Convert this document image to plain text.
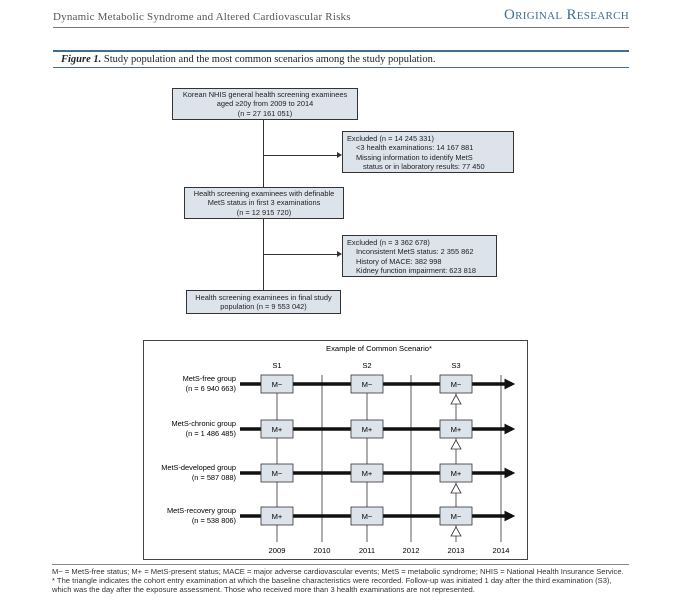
Dynamic Metabolic Syndrome and Altered Cardiovascular Risks	Original Research
Figure 1. Study population and the most common scenarios among the study population.
Korean NHIS general health screening examinees
aged ≥20y from 2009 to 2014
(n = 27 161 051)
Excluded (n = 14 245 331)
<3 health examinations: 14 167 881
Missing information to identify MetS
status or in laboratory results: 77 450
Health screening examinees with definable
MetS status in first 3 examinations
(n = 12 915 720)
Excluded (n = 3 362 678)
Inconsistent MetS status: 2 355 862
History of MACE: 382 998
Kidney function impairment: 623 818
Health screening examinees in final study
population (n = 9 553 042)
Example of Common Scenario*
2009	2010	2011	2012	2013	2014
S1	S2	S3
MetS-free group
(n = 6 940 663)	M−	M−	M−
MetS-chronic group
(n = 1 486 485)	M+	M+	M+
MetS-developed group
(n = 587 088)	M−	M+	M+
MetS-recovery group
(n = 538 806)	M+	M−	M−
M− = MetS-free status; M+ = MetS-present status; MACE = major adverse cardiovascular events; MetS = metabolic syndrome; NHIS = National Health Insurance Service.
* The triangle indicates the cohort entry examination at which the baseline characteristics were recorded. Follow-up was initiated 1 day after the third examination (S3), which was the day after the exposure assessment. Those who received more than 3 health examinations are not represented.
